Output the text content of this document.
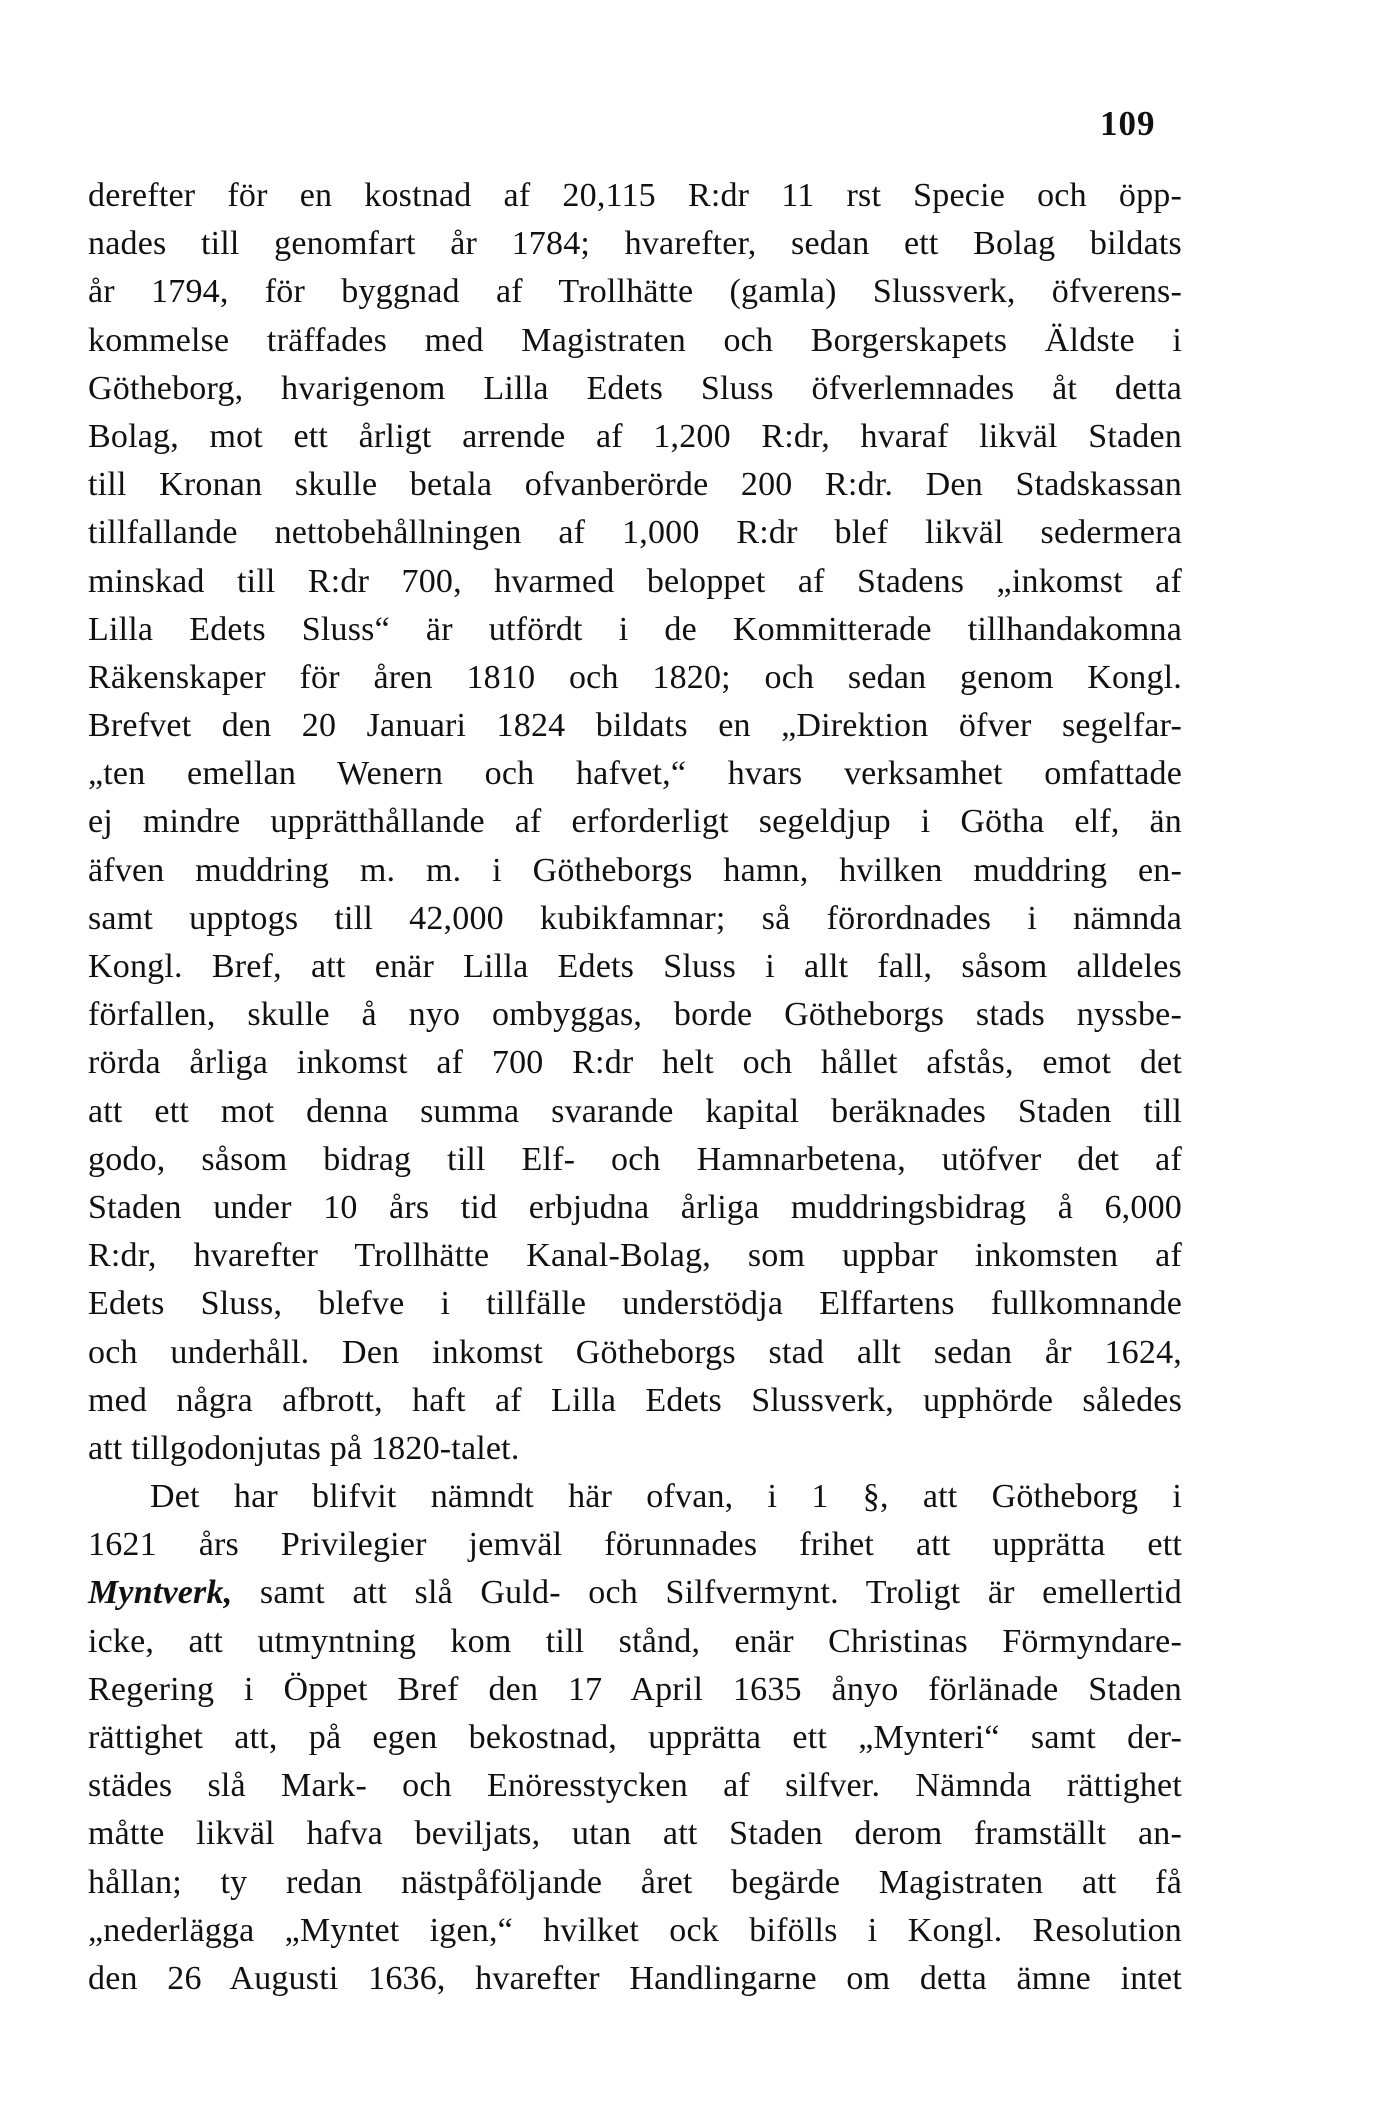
109
derefter för en kostnad af 20,115 R:dr 11 rst Specie och öpp-
nades till genomfart år 1784; hvarefter, sedan ett Bolag bildats
år 1794, för byggnad af Trollhätte (gamla) Slussverk, öfverens-
kommelse träffades med Magistraten och Borgerskapets Äldste i
Götheborg, hvarigenom Lilla Edets Sluss öfverlemnades åt detta
Bolag, mot ett årligt arrende af 1,200 R:dr, hvaraf likväl Staden
till Kronan skulle betala ofvanberörde 200 R:dr. Den Stadskassan
tillfallande nettobehållningen af 1,000 R:dr blef likväl sedermera
minskad till R:dr 700, hvarmed beloppet af Stadens „inkomst af
Lilla Edets Sluss“ är utfördt i de Kommitterade tillhandakomna
Räkenskaper för åren 1810 och 1820; och sedan genom Kongl.
Brefvet den 20 Januari 1824 bildats en „Direktion öfver segelfar-
„ten emellan Wenern och hafvet,“ hvars verksamhet omfattade
ej mindre upprätthållande af erforderligt segeldjup i Götha elf, än
äfven muddring m. m. i Götheborgs hamn, hvilken muddring en-
samt upptogs till 42,000 kubikfamnar; så förordnades i nämnda
Kongl. Bref, att enär Lilla Edets Sluss i allt fall, såsom alldeles
förfallen, skulle å nyo ombyggas, borde Götheborgs stads nyssbe-
rörda årliga inkomst af 700 R:dr helt och hållet afstås, emot det
att ett mot denna summa svarande kapital beräknades Staden till
godo, såsom bidrag till Elf- och Hamnarbetena, utöfver det af
Staden under 10 års tid erbjudna årliga muddringsbidrag å 6,000
R:dr, hvarefter Trollhätte Kanal-Bolag, som uppbar inkomsten af
Edets Sluss, blefve i tillfälle understödja Elffartens fullkomnande
och underhåll. Den inkomst Götheborgs stad allt sedan år 1624,
med några afbrott, haft af Lilla Edets Slussverk, upphörde således
att tillgodonjutas på 1820-talet.
Det har blifvit nämndt här ofvan, i 1 §, att Götheborg i
1621 års Privilegier jemväl förunnades frihet att upprätta ett
Myntverk, samt att slå Guld- och Silfvermynt. Troligt är emellertid
icke, att utmyntning kom till stånd, enär Christinas Förmyndare-
Regering i Öppet Bref den 17 April 1635 ånyo förlänade Staden
rättighet att, på egen bekostnad, upprätta ett „Mynteri“ samt der-
städes slå Mark- och Enöresstycken af silfver. Nämnda rättighet
måtte likväl hafva beviljats, utan att Staden derom framställt an-
hållan; ty redan nästpåföljande året begärde Magistraten att få
„nederlägga „Myntet igen,“ hvilket ock bifölls i Kongl. Resolution
den 26 Augusti 1636, hvarefter Handlingarne om detta ämne intet
